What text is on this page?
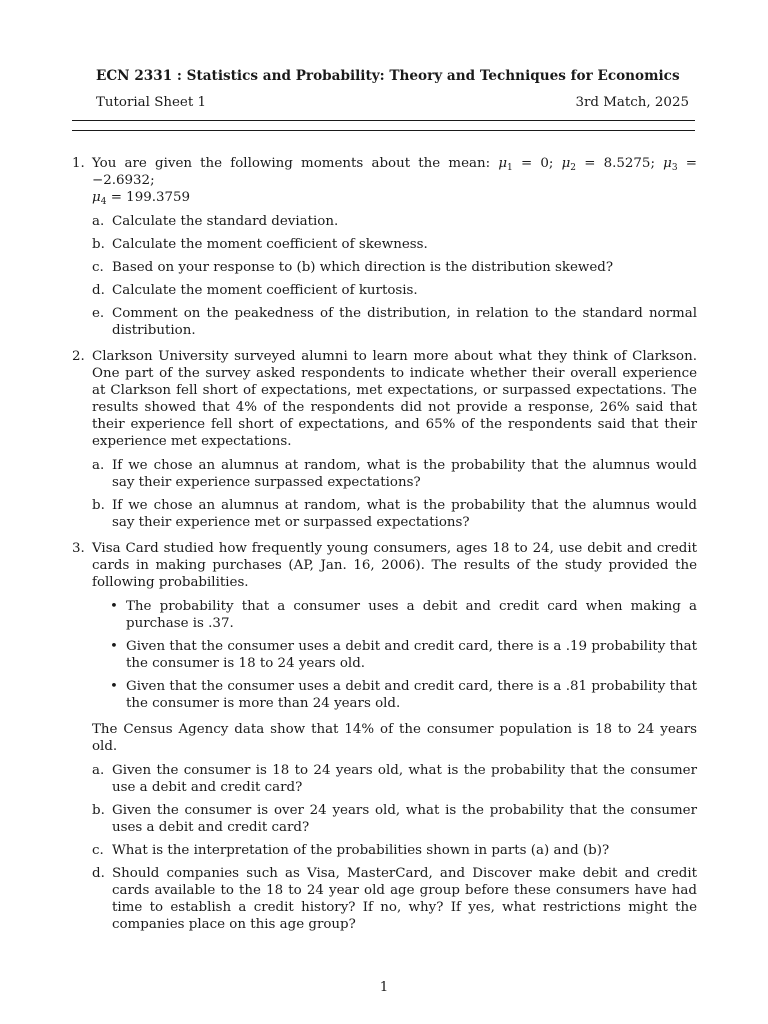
ECN 2331 : Statistics and Probability: Theory and Techniques for Economics
Tutorial Sheet 1	3rd Match, 2025
1. You are given the following moments about the mean: $\mu_1 = 0$; $\mu_2 = 8.5275$; $\mu_3 = -2.6932$;
$\mu_4 = 199.3759$
a. Calculate the standard deviation.
b. Calculate the moment coefficient of skewness.
c. Based on your response to (b) which direction is the distribution skewed?
d. Calculate the moment coefficient of kurtosis.
e. Comment on the peakedness of the distribution, in relation to the standard normal distribution.
2. Clarkson University surveyed alumni to learn more about what they think of Clarkson. One part of the survey asked respondents to indicate whether their overall experience at Clarkson fell short of expectations, met expectations, or surpassed expectations. The results showed that 4% of the respondents did not provide a response, 26% said that their experience fell short of expectations, and 65% of the respondents said that their experience met expectations.
a. If we chose an alumnus at random, what is the probability that the alumnus would say their experience surpassed expectations?
b. If we chose an alumnus at random, what is the probability that the alumnus would say their experience met or surpassed expectations?
3. Visa Card studied how frequently young consumers, ages 18 to 24, use debit and credit cards in making purchases (AP, Jan. 16, 2006). The results of the study provided the following probabilities.
• The probability that a consumer uses a debit and credit card when making a purchase is .37.
• Given that the consumer uses a debit and credit card, there is a .19 probability that the consumer is 18 to 24 years old.
• Given that the consumer uses a debit and credit card, there is a .81 probability that the consumer is more than 24 years old.
The Census Agency data show that 14% of the consumer population is 18 to 24 years old.
a. Given the consumer is 18 to 24 years old, what is the probability that the consumer use a debit and credit card?
b. Given the consumer is over 24 years old, what is the probability that the consumer uses a debit and credit card?
c. What is the interpretation of the probabilities shown in parts (a) and (b)?
d. Should companies such as Visa, MasterCard, and Discover make debit and credit cards available to the 18 to 24 year old age group before these consumers have had time to establish a credit history? If no, why? If yes, what restrictions might the companies place on this age group?
1
